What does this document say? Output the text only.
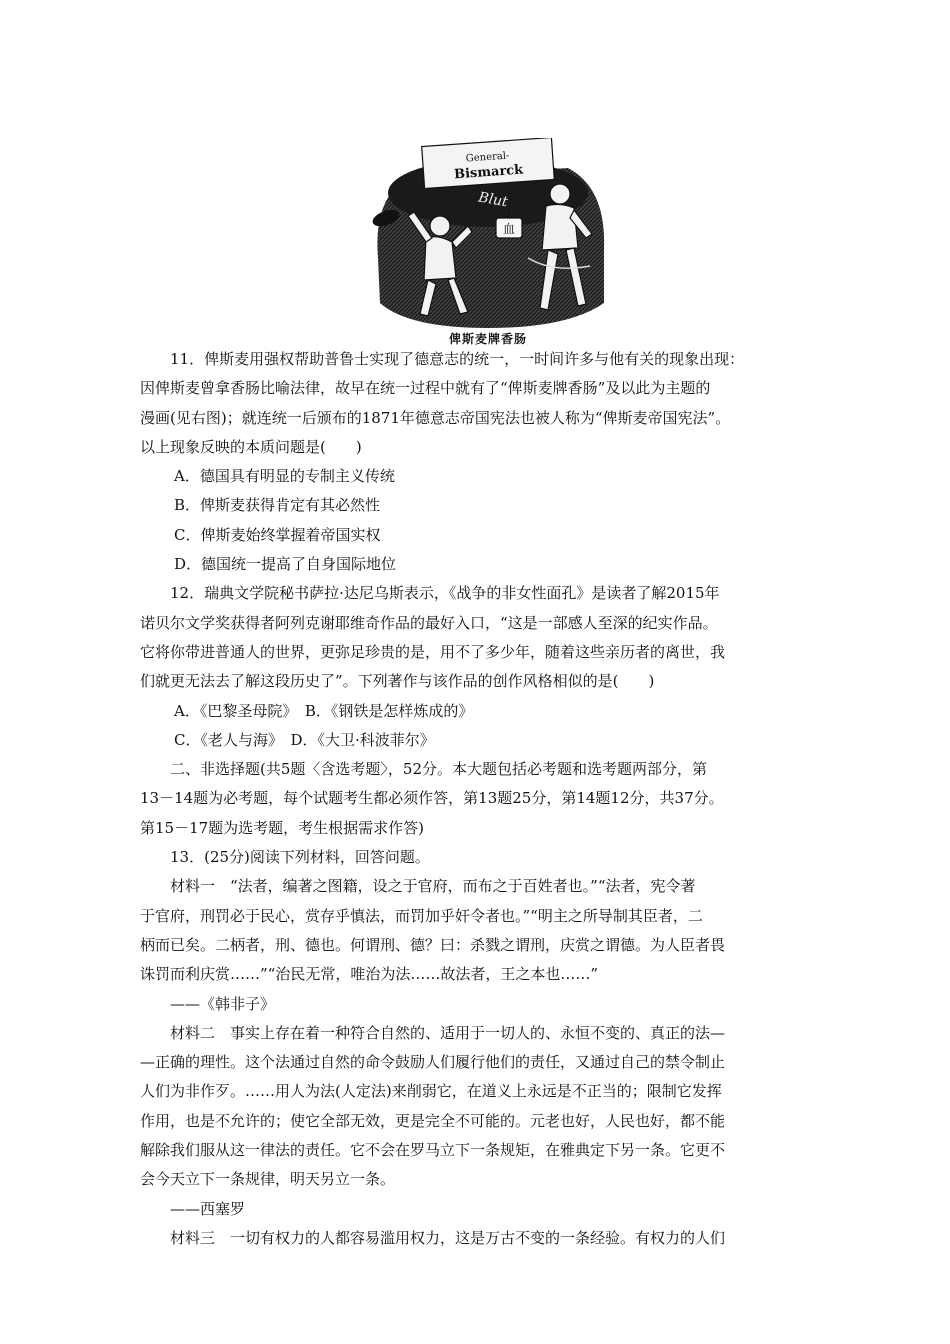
General-
Bismarck
Blut
血
俾斯麦牌香肠

11．俾斯麦用强权帮助普鲁士实现了德意志的统一，一时间许多与他有关的现象出现：

因俾斯麦曾拿香肠比喻法律，故早在统一过程中就有了“俾斯麦牌香肠”及以此为主题的

漫画(见右图)；就连统一后颁布的1871年德意志帝国宪法也被人称为“俾斯麦帝国宪法”。

以上现象反映的本质问题是(　　)

A．德国具有明显的专制主义传统

B．俾斯麦获得肯定有其必然性

C．俾斯麦始终掌握着帝国实权

D．德国统一提高了自身国际地位

12．瑞典文学院秘书萨拉·达尼乌斯表示，《战争的非女性面孔》是读者了解2015年

诺贝尔文学奖获得者阿列克谢耶维奇作品的最好入口，“这是一部感人至深的纪实作品。

它将你带进普通人的世界，更弥足珍贵的是，用不了多少年，随着这些亲历者的离世，我

们就更无法去了解这段历史了”。下列著作与该作品的创作风格相似的是(　　)

A．《巴黎圣母院》　B．《钢铁是怎样炼成的》

C．《老人与海》　D．《大卫·科波菲尔》

二、非选择题(共5题〈含选考题〉，52分。本大题包括必考题和选考题两部分，第

13－14题为必考题，每个试题考生都必须作答，第13题25分，第14题12分，共37分。

第15－17题为选考题，考生根据需求作答)

13．(25分)阅读下列材料，回答问题。

材料一　“法者，编著之图籍，设之于官府，而布之于百姓者也。”“法者，宪令著

于官府，刑罚必于民心，赏存乎慎法，而罚加乎奸令者也。”“明主之所导制其臣者，二

柄而已矣。二柄者，刑、德也。何谓刑、德？曰：杀戮之谓刑，庆赏之谓德。为人臣者畏

诛罚而利庆赏……”“治民无常，唯治为法……故法者，王之本也……”

——《韩非子》

材料二　事实上存在着一种符合自然的、适用于一切人的、永恒不变的、真正的法—

—正确的理性。这个法通过自然的命令鼓励人们履行他们的责任，又通过自己的禁令制止

人们为非作歹。……用人为法(人定法)来削弱它，在道义上永远是不正当的；限制它发挥

作用，也是不允许的；使它全部无效，更是完全不可能的。元老也好，人民也好，都不能

解除我们服从这一律法的责任。它不会在罗马立下一条规矩，在雅典定下另一条。它更不

会今天立下一条规律，明天另立一条。

——西塞罗

材料三　一切有权力的人都容易滥用权力，这是万古不变的一条经验。有权力的人们
